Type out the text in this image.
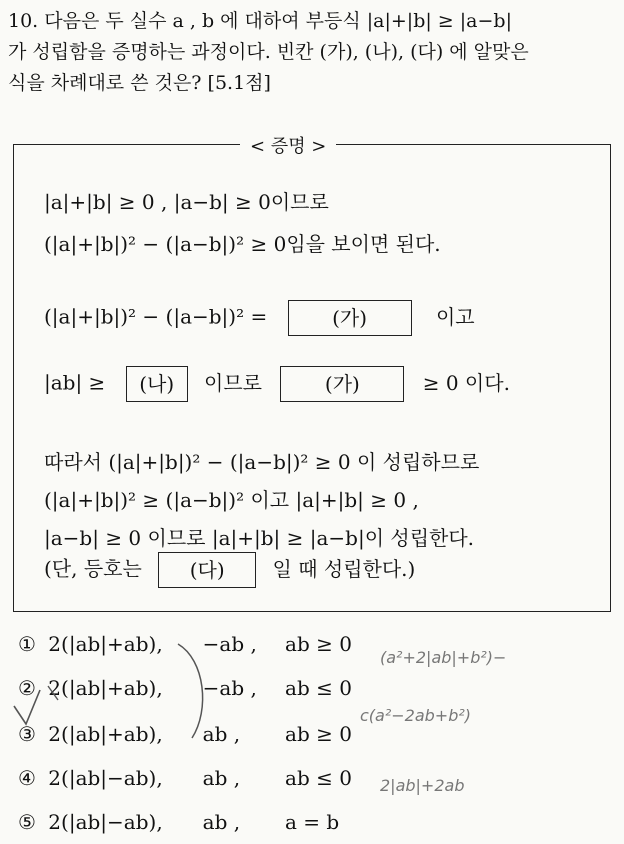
10. 다음은 두 실수 a , b 에 대하여 부등식 |a|+|b| ≥ |a−b|
가 성립함을 증명하는 과정이다. 빈칸 (가), (나), (다) 에 알맞은
식을 차례대로 쓴 것은? [5.1점]
< 증명 >
|a|+|b| ≥ 0 , |a−b| ≥ 0이므로
(|a|+|b|)² − (|a−b|)² ≥ 0임을 보이면 된다.
(|a|+|b|)² − (|a−b|)² =	(가)	이고
|ab| ≥ (나) 이므로	(가)	≥ 0 이다.
따라서 (|a|+|b|)² − (|a−b|)² ≥ 0 이 성립하므로
(|a|+|b|)² ≥ (|a−b|)² 이고 |a|+|b| ≥ 0 ,
|a−b| ≥ 0 이므로 |a|+|b| ≥ |a−b|이 성립한다.
(단, 등호는 (다) 일 때 성립한다.)
① 2(|ab|+ab), −ab , ab ≥ 0
② 2(|ab|+ab), −ab , ab ≤ 0
③ 2(|ab|+ab), ab , ab ≥ 0
④ 2(|ab|−ab), ab , ab ≤ 0
⑤ 2(|ab|−ab), ab , a = b
(a²+2|ab|+b²)−
c(a²−2ab+b²)
2|ab|+2ab
